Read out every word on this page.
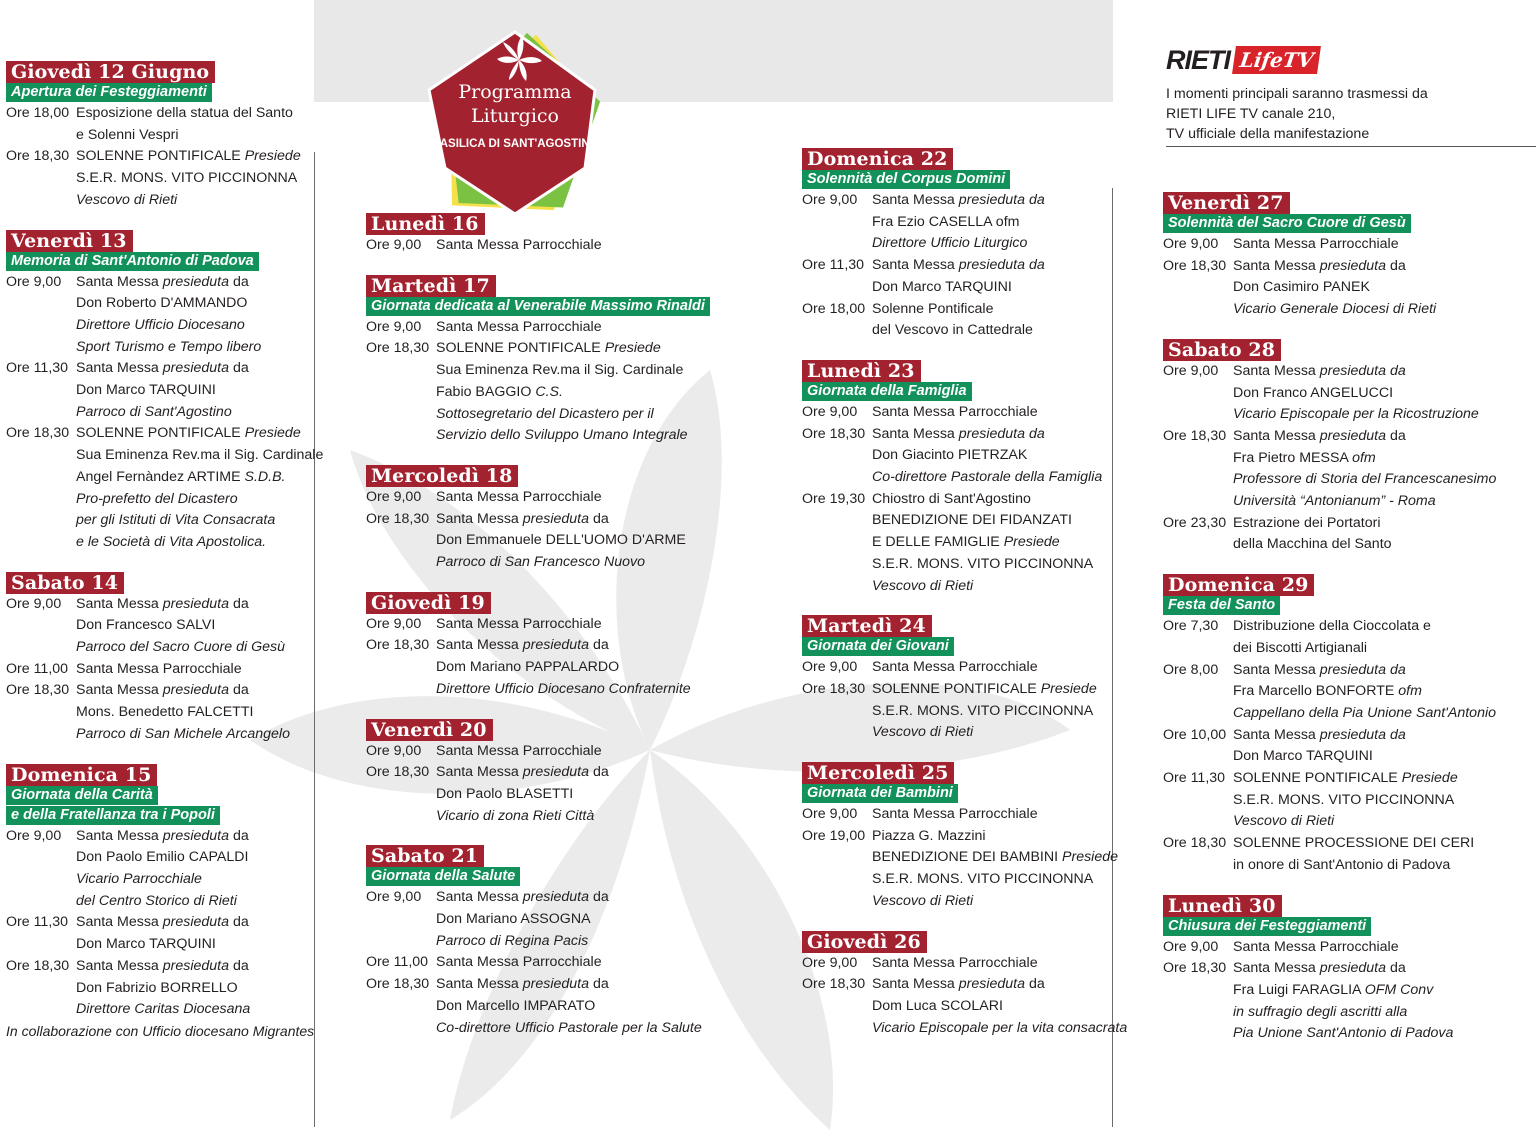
Programma Liturgico
BASILICA DI SANT'AGOSTINO
RIETI LifeTV
I momenti principali saranno trasmessi da
RIETI LIFE TV canale 210,
TV ufficiale della manifestazione
Giovedì 12 Giugno
Apertura dei Festeggiamenti
Ore 18,00 Esposizione della statua del Santo
e Solenni Vespri
Ore 18,30 SOLENNE PONTIFICALE Presiede
S.E.R. MONS. VITO PICCINONNA
Vescovo di Rieti
Venerdì 13
Memoria di Sant'Antonio di Padova
Ore 9,00	Santa Messa presieduta da
Don Roberto D'AMMANDO
Direttore Ufficio Diocesano
Sport Turismo e Tempo libero
Ore 11,30 Santa Messa presieduta da
Don Marco TARQUINI
Parroco di Sant'Agostino
Ore 18,30 SOLENNE PONTIFICALE Presiede
Sua Eminenza Rev.ma il Sig. Cardinale
Angel Fernàndez ARTIME S.D.B.
Pro-prefetto del Dicastero
per gli Istituti di Vita Consacrata
e le Società di Vita Apostolica.
Sabato 14
Ore 9,00	Santa Messa presieduta da
Don Francesco SALVI
Parroco del Sacro Cuore di Gesù
Ore 11,00 Santa Messa Parrocchiale
Ore 18,30 Santa Messa presieduta da
Mons. Benedetto FALCETTI
Parroco di San Michele Arcangelo
Domenica 15
Giornata della Carità
e della Fratellanza tra i Popoli
Ore 9,00	Santa Messa presieduta da
Don Paolo Emilio CAPALDI
Vicario Parrocchiale
del Centro Storico di Rieti
Ore 11,30 Santa Messa presieduta da
Don Marco TARQUINI
Ore 18,30 Santa Messa presieduta da
Don Fabrizio BORRELLO
Direttore Caritas Diocesana
In collaborazione con Ufficio diocesano Migrantes
Lunedì 16
Ore 9,00	Santa Messa Parrocchiale
Martedì 17
Giornata dedicata al Venerabile Massimo Rinaldi
Ore 9,00	Santa Messa Parrocchiale
Ore 18,30 SOLENNE PONTIFICALE Presiede
Sua Eminenza Rev.ma il Sig. Cardinale
Fabio BAGGIO C.S.
Sottosegretario del Dicastero per il
Servizio dello Sviluppo Umano Integrale
Mercoledì 18
Ore 9,00	Santa Messa Parrocchiale
Ore 18,30 Santa Messa presieduta da
Don Emmanuele DELL'UOMO D'ARME
Parroco di San Francesco Nuovo
Giovedì 19
Ore 9,00	Santa Messa Parrocchiale
Ore 18,30 Santa Messa presieduta da
Dom Mariano PAPPALARDO
Direttore Ufficio Diocesano Confraternite
Venerdì 20
Ore 9,00	Santa Messa Parrocchiale
Ore 18,30 Santa Messa presieduta da
Don Paolo BLASETTI
Vicario di zona Rieti Città
Sabato 21
Giornata della Salute
Ore 9,00	Santa Messa presieduta da
Don Mariano ASSOGNA
Parroco di Regina Pacis
Ore 11,00 Santa Messa Parrocchiale
Ore 18,30 Santa Messa presieduta da
Don Marcello IMPARATO
Co-direttore Ufficio Pastorale per la Salute
Domenica 22
Solennità del Corpus Domini
Ore 9,00	Santa Messa presieduta da
Fra Ezio CASELLA ofm
Direttore Ufficio Liturgico
Ore 11,30 Santa Messa presieduta da
Don Marco TARQUINI
Ore 18,00 Solenne Pontificale
del Vescovo in Cattedrale
Lunedì 23
Giornata della Famiglia
Ore 9,00	Santa Messa Parrocchiale
Ore 18,30 Santa Messa presieduta da
Don Giacinto PIETRZAK
Co-direttore Pastorale della Famiglia
Ore 19,30 Chiostro di Sant'Agostino
BENEDIZIONE DEI FIDANZATI
E DELLE FAMIGLIE Presiede
S.E.R. MONS. VITO PICCINONNA
Vescovo di Rieti
Martedì 24
Giornata dei Giovani
Ore 9,00	Santa Messa Parrocchiale
Ore 18,30 SOLENNE PONTIFICALE Presiede
S.E.R. MONS. VITO PICCINONNA
Vescovo di Rieti
Mercoledì 25
Giornata dei Bambini
Ore 9,00	Santa Messa Parrocchiale
Ore 19,00 Piazza G. Mazzini
BENEDIZIONE DEI BAMBINI Presiede
S.E.R. MONS. VITO PICCINONNA
Vescovo di Rieti
Giovedì 26
Ore 9,00	Santa Messa Parrocchiale
Ore 18,30 Santa Messa presieduta da
Dom Luca SCOLARI
Vicario Episcopale per la vita consacrata
Venerdì 27
Solennità del Sacro Cuore di Gesù
Ore 9,00	Santa Messa Parrocchiale
Ore 18,30 Santa Messa presieduta da
Don Casimiro PANEK
Vicario Generale Diocesi di Rieti
Sabato 28
Ore 9,00	Santa Messa presieduta da
Don Franco ANGELUCCI
Vicario Episcopale per la Ricostruzione
Ore 18,30 Santa Messa presieduta da
Fra Pietro MESSA ofm
Professore di Storia del Francescanesimo
Università “Antonianum” - Roma
Ore 23,30 Estrazione dei Portatori
della Macchina del Santo
Domenica 29
Festa del Santo
Ore 7,30	Distribuzione della Cioccolata e
dei Biscotti Artigianali
Ore 8,00	Santa Messa presieduta da
Fra Marcello BONFORTE ofm
Cappellano della Pia Unione Sant'Antonio
Ore 10,00 Santa Messa presieduta da
Don Marco TARQUINI
Ore 11,30 SOLENNE PONTIFICALE Presiede
S.E.R. MONS. VITO PICCINONNA
Vescovo di Rieti
Ore 18,30 SOLENNE PROCESSIONE DEI CERI
in onore di Sant'Antonio di Padova
Lunedì 30
Chiusura dei Festeggiamenti
Ore 9,00	Santa Messa Parrocchiale
Ore 18,30 Santa Messa presieduta da
Fra Luigi FARAGLIA OFM Conv
in suffragio degli ascritti alla
Pia Unione Sant'Antonio di Padova
